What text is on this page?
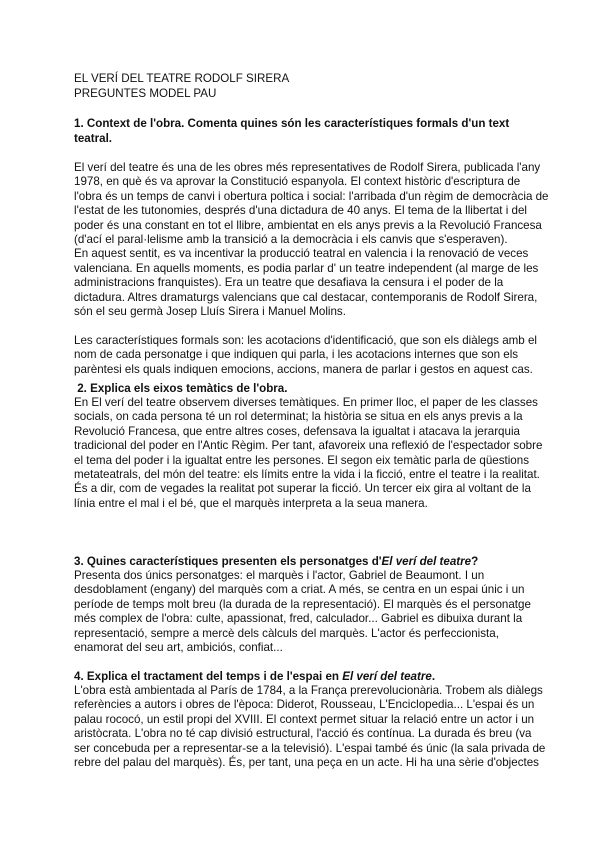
EL VERÍ DEL TEATRE RODOLF SIRERA
PREGUNTES MODEL PAU
1. Context de l'obra. Comenta quines són les característiques formals d'un text
teatral.
El verí del teatre és una de les obres més representatives de Rodolf Sirera, publicada l'any
1978, en què és va aprovar la Constitució espanyola. El context històric d'escriptura de
l'obra és un temps de canvi i obertura poltica i social: l'arribada d'un règim de democràcia de
l'estat de les tutonomies, després d'una dictadura de 40 anys. El tema de la llibertat i del
poder és una constant en tot el llibre, ambientat en els anys previs a la Revolució Francesa
(d'ací el paral·lelisme amb la transició a la democràcia i els canvis que s'esperaven).
En aquest sentit, es va incentivar la producció teatral en valencia i la renovació de veces
valenciana. En aquells moments, es podia parlar d' un teatre independent (al marge de les
administracions franquistes). Era un teatre que desafiava la censura i el poder de la
dictadura. Altres dramaturgs valencians que cal destacar, contemporanis de Rodolf Sirera,
són el seu germà Josep Lluís Sirera i Manuel Molins.
Les característiques formals son: les acotacions d'identificació, que son els diàlegs amb el
nom de cada personatge i que indiquen qui parla, i les acotacions internes que son els
parèntesi els quals indiquen emocions, accions, manera de parlar i gestos en aquest cas.
2. Explica els eixos temàtics de l'obra.
En El verí del teatre observem diverses temàtiques. En primer lloc, el paper de les classes
socials, on cada persona té un rol determinat; la història se situa en els anys previs a la
Revolució Francesa, que entre altres coses, defensava la igualtat i atacava la jerarquia
tradicional del poder en l'Antic Règim. Per tant, afavoreix una reflexió de l'espectador sobre
el tema del poder i la igualtat entre les persones. El segon eix temàtic parla de qüestions
metateatrals, del món del teatre: els límits entre la vida i la ficció, entre el teatre i la realitat.
És a dir, com de vegades la realitat pot superar la ficció. Un tercer eix gira al voltant de la
línia entre el mal i el bé, que el marquès interpreta a la seua manera.
3. Quines característiques presenten els personatges d'El verí del teatre?
Presenta dos únics personatges: el marquès i l'actor, Gabriel de Beaumont. I un
desdoblament (engany) del marquès com a criat. A més, se centra en un espai únic i un
període de temps molt breu (la durada de la representació). El marquès és el personatge
més complex de l'obra: culte, apassionat, fred, calculador... Gabriel es dibuixa durant la
representació, sempre a mercè dels càlculs del marquès. L'actor és perfeccionista,
enamorat del seu art, ambiciós, confiat...
4. Explica el tractament del temps i de l'espai en El verí del teatre.
L'obra està ambientada al París de 1784, a la França prerevolucionària. Trobem als diàlegs
referències a autors i obres de l'època: Diderot, Rousseau, L'Enciclopedia... L'espai és un
palau rococó, un estil propi del XVIII. El context permet situar la relació entre un actor i un
aristòcrata. L'obra no té cap divisió estructural, l'acció és contínua. La durada és breu (va
ser concebuda per a representar-se a la televisió). L'espai també és únic (la sala privada de
rebre del palau del marquès). És, per tant, una peça en un acte. Hi ha una sèrie d'objectes
